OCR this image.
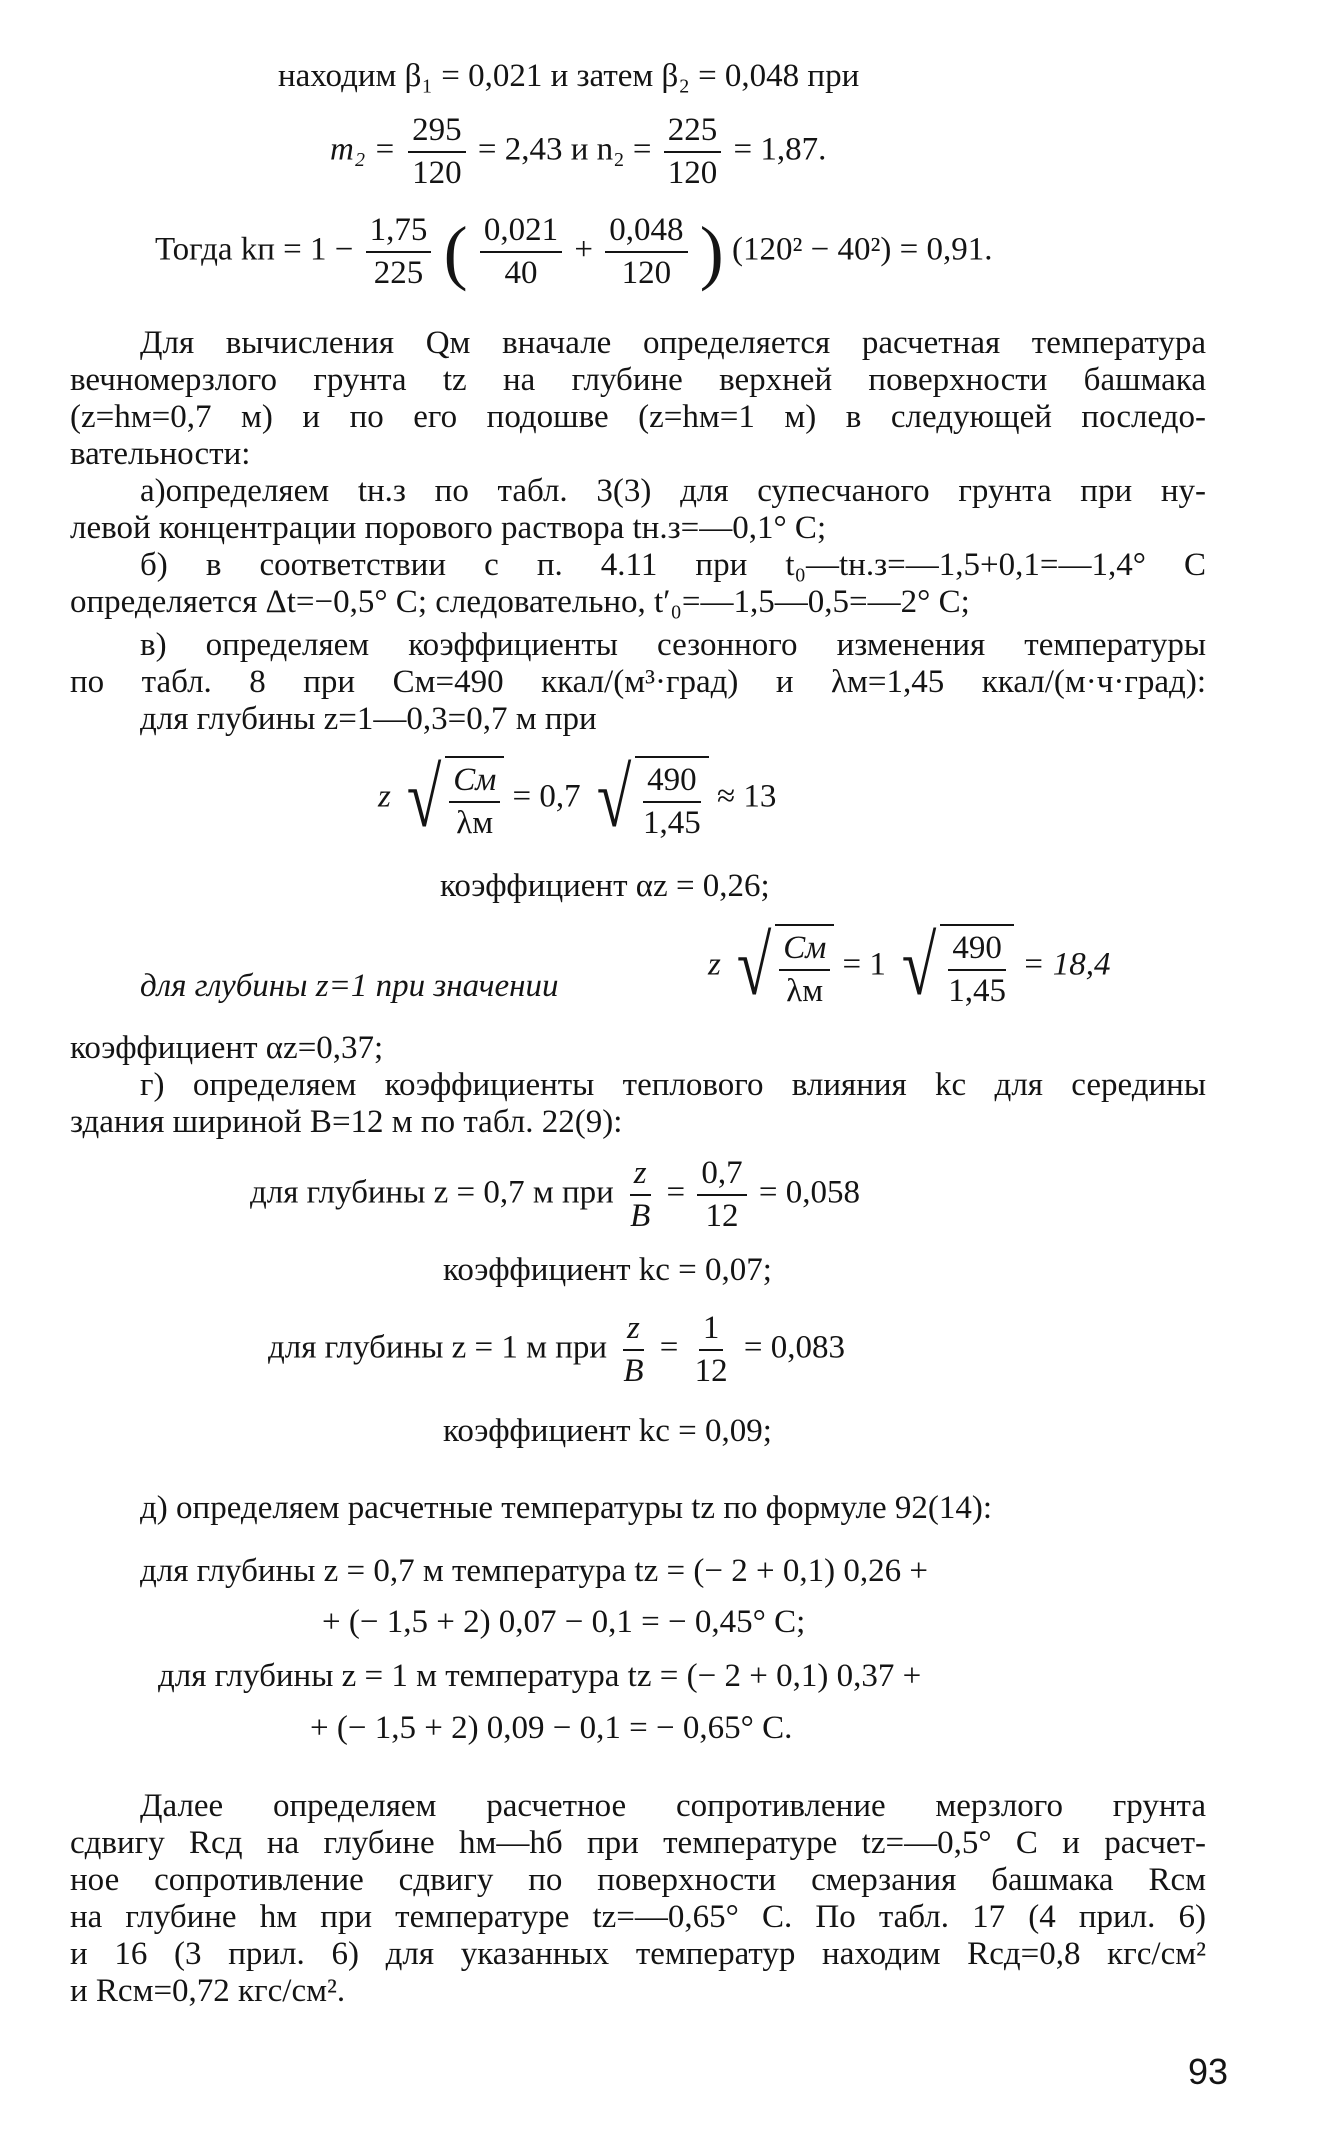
находим β₁ = 0,021 и затем β₂ = 0,048 при
$m_2 = \frac{295}{120} = 2,43$ и $n_2 = \frac{225}{120} = 1,87$.
Тогда kп = $1 - \frac{1,75}{225}$ ( $\frac{0,021}{40} + \frac{0,048}{120}$ ) (120² − 40²) = 0,91.
Для вычисления Qм вначале определяется расчетная температура
вечномерзлого грунта tz на глубине верхней поверхности башмака
(z=hм=0,7 м) и по его подошве (z=hм=1 м) в следующей последо-
вательности:
а)определяем tн.з по табл. 3(3) для супесчаного грунта при ну-
левой концентрации порового раствора tн.з=—0,1° С;
б) в соответствии с п. 4.11 при t₀—tн.з=—1,5+0,1=—1,4° С
определяется Δt=−0,5° С; следовательно, t′₀=—1,5—0,5=—2° С;
в) определяем коэффициенты сезонного изменения температуры
по табл. 8 при Cм=490 ккал/(м³·град) и λм=1,45 ккал/(м·ч·град):
для глубины z=1—0,3=0,7 м при
z √ $\frac{Cм}{\lambda м} = 0,7$ √ $\frac{490}{1,45} \approx 13$
коэффициент αz = 0,26;
для глубины z=1 при значении
z √ $\frac{Cм}{\lambda м} = 1$ √ $\frac{490}{1,45} = 18,4$
коэффициент αz=0,37;
г) определяем коэффициенты теплового влияния kc для середины
здания шириной B=12 м по табл. 22(9):
для глубины z = 0,7 м при $\frac{z}{B} = \frac{0,7}{12} = 0,058$
коэффициент kc = 0,07;
для глубины z = 1 м при $\frac{z}{B} = \frac{1}{12} = 0,083$
коэффициент kc = 0,09;
д) определяем расчетные температуры tz по формуле 92(14):
для глубины z = 0,7 м температура tz = (− 2 + 0,1) 0,26 +
+ (− 1,5 + 2) 0,07 − 0,1 = − 0,45° С;
для глубины z = 1 м температура tz = (− 2 + 0,1) 0,37 +
+ (− 1,5 + 2) 0,09 − 0,1 = − 0,65° С.
Далее определяем расчетное сопротивление мерзлого грунта
сдвигу Rсд на глубине hм—hб при температуре tz=—0,5° С и расчет-
ное сопротивление сдвигу по поверхности смерзания башмака Rсм
на глубине hм при температуре tz=—0,65° С. По табл. 17 (4 прил. 6)
и 16 (3 прил. 6) для указанных температур находим Rсд=0,8 кгс/см²
и Rсм=0,72 кгс/см².
93
